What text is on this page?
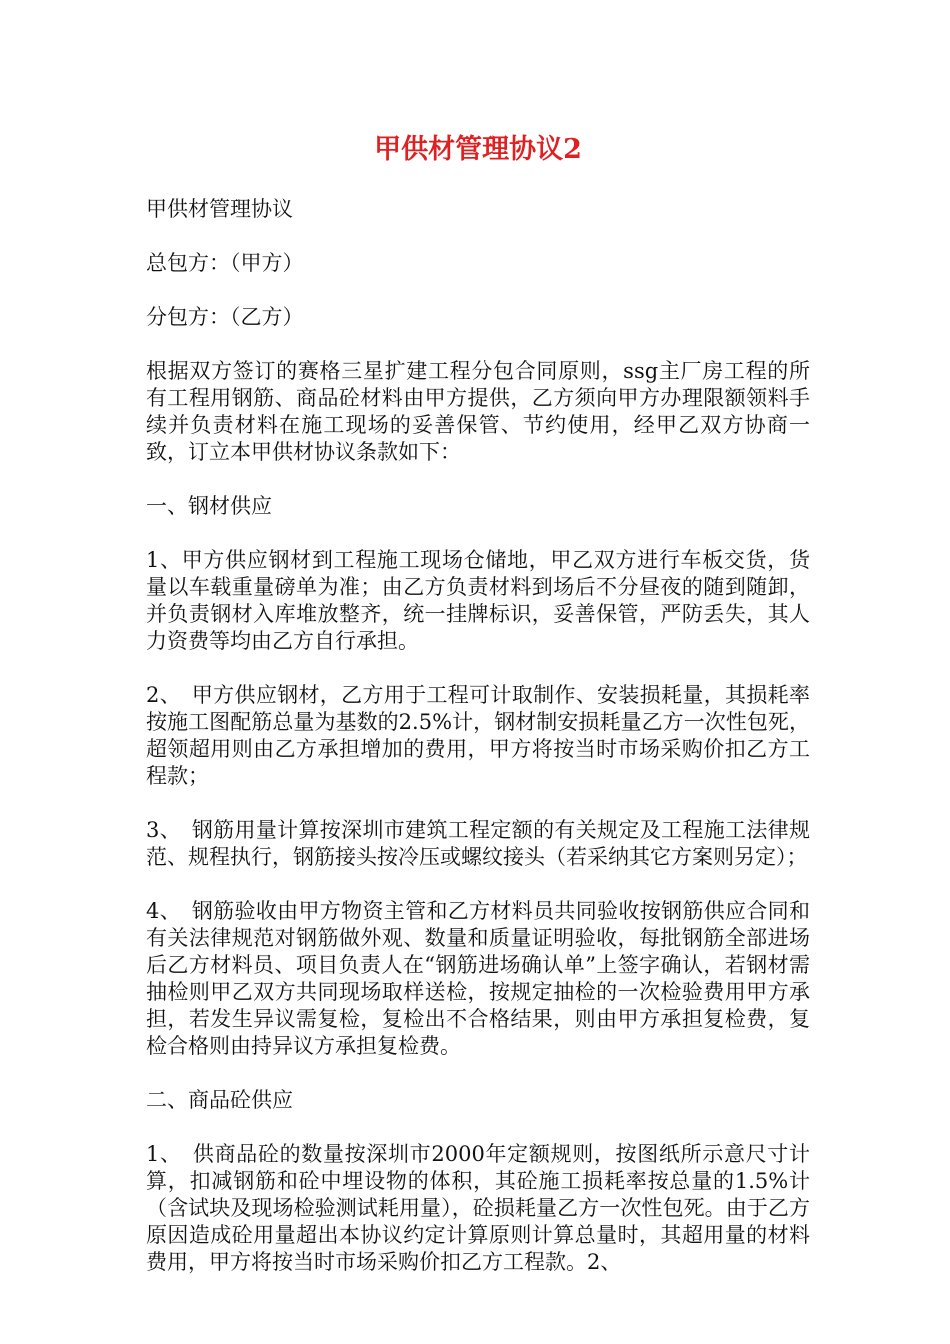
甲供材管理协议2

甲供材管理协议

总包方：（甲方）

分包方：（乙方）

根据双方签订的赛格三星扩建工程分包合同原则，ssg主厂房工程的所有工程用钢筋、商品砼材料由甲方提供，乙方须向甲方办理限额领料手续并负责材料在施工现场的妥善保管、节约使用，经甲乙双方协商一致，订立本甲供材协议条款如下：

一、钢材供应

1、甲方供应钢材到工程施工现场仓储地，甲乙双方进行车板交货，货量以车载重量磅单为准；由乙方负责材料到场后不分昼夜的随到随卸，并负责钢材入库堆放整齐，统一挂牌标识，妥善保管，严防丢失，其人力资费等均由乙方自行承担。

2、　甲方供应钢材，乙方用于工程可计取制作、安装损耗量，其损耗率按施工图配筋总量为基数的2.5%计，钢材制安损耗量乙方一次性包死，超领超用则由乙方承担增加的费用，甲方将按当时市场采购价扣乙方工程款；

3、　钢筋用量计算按深圳市建筑工程定额的有关规定及工程施工法律规范、规程执行，钢筋接头按冷压或螺纹接头（若采纳其它方案则另定）；

4、　钢筋验收由甲方物资主管和乙方材料员共同验收按钢筋供应合同和有关法律规范对钢筋做外观、数量和质量证明验收，每批钢筋全部进场后乙方材料员、项目负责人在“钢筋进场确认单”上签字确认，若钢材需抽检则甲乙双方共同现场取样送检，按规定抽检的一次检验费用甲方承担，若发生异议需复检，复检出不合格结果，则由甲方承担复检费，复检合格则由持异议方承担复检费。

二、商品砼供应

1、　供商品砼的数量按深圳市2000年定额规则，按图纸所示意尺寸计算，扣减钢筋和砼中埋设物的体积，其砼施工损耗率按总量的1.5%计（含试块及现场检验测试耗用量），砼损耗量乙方一次性包死。由于乙方原因造成砼用量超出本协议约定计算原则计算总量时，其超用量的材料费用，甲方将按当时市场采购价扣乙方工程款。2、
